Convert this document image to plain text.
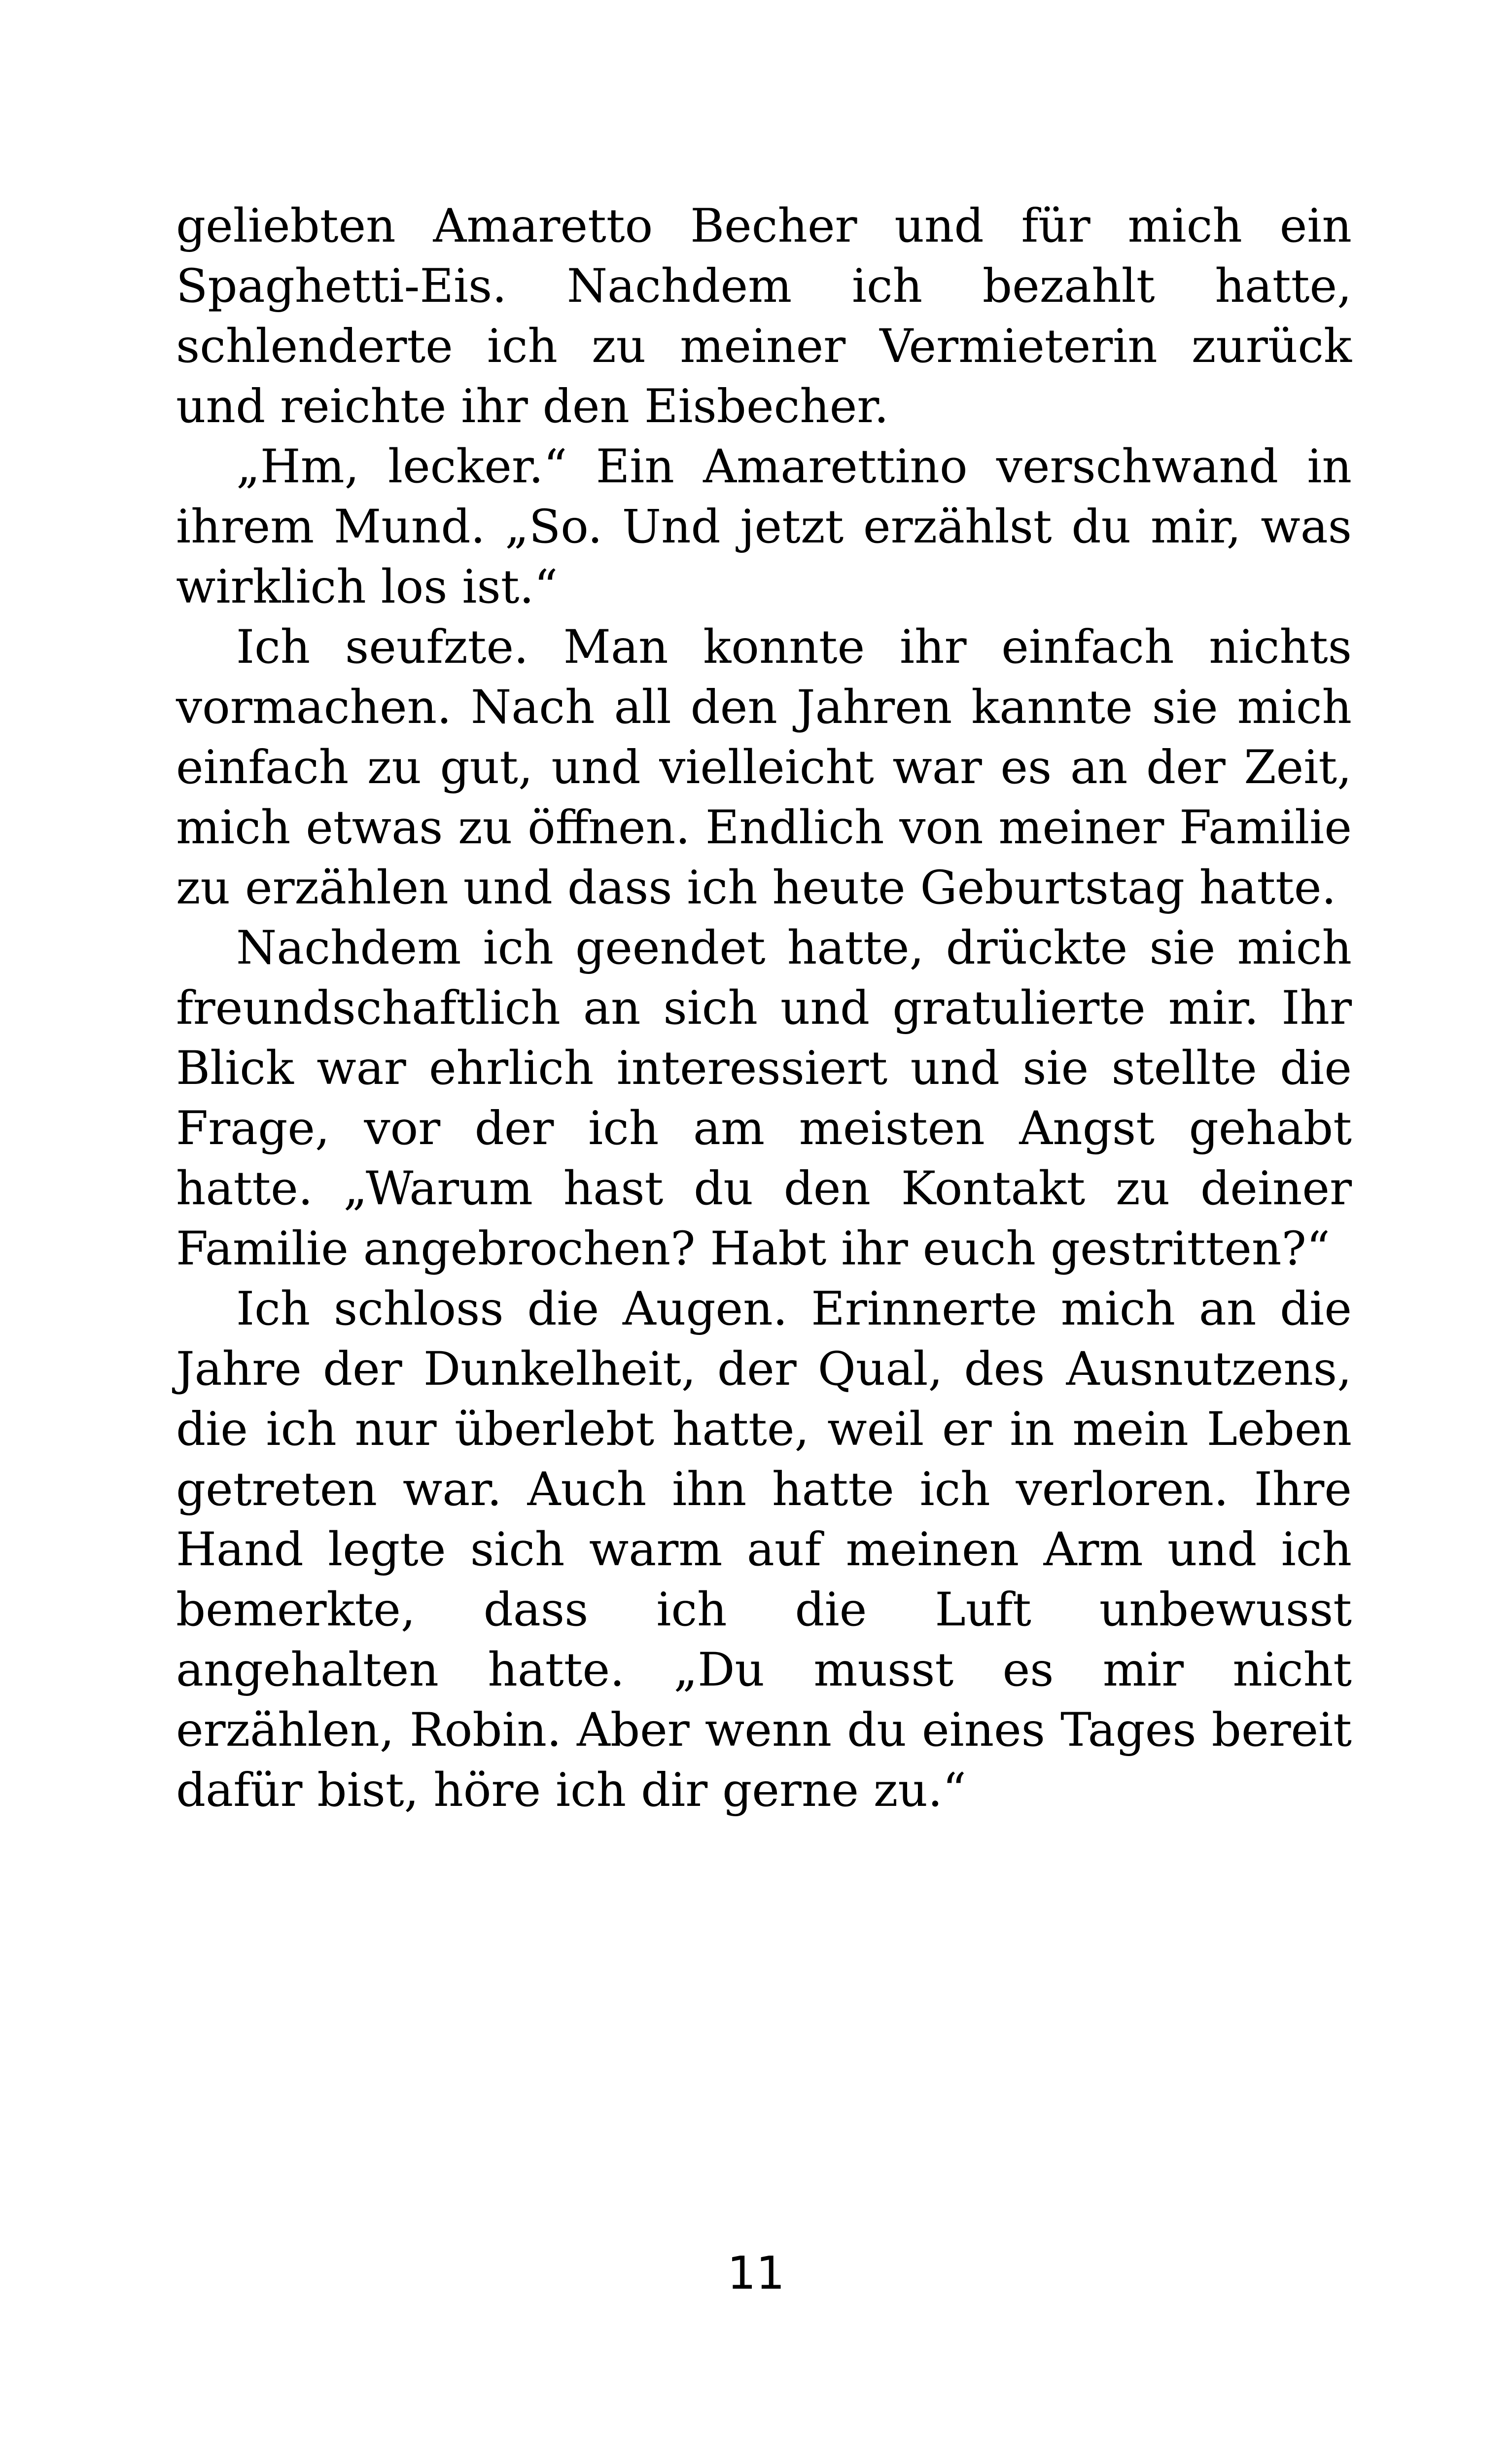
geliebten Amaretto Becher und für mich ein Spaghetti-Eis. Nachdem ich bezahlt hatte, schlenderte ich zu meiner Vermieterin zurück und reichte ihr den Eisbecher.

„Hm, lecker.“ Ein Amarettino verschwand in ihrem Mund. „So. Und jetzt erzählst du mir, was wirklich los ist.“

Ich seufzte. Man konnte ihr einfach nichts vormachen. Nach all den Jahren kannte sie mich einfach zu gut, und vielleicht war es an der Zeit, mich etwas zu öffnen. Endlich von meiner Familie zu erzählen und dass ich heute Geburtstag hatte.

Nachdem ich geendet hatte, drückte sie mich freundschaftlich an sich und gratulierte mir. Ihr Blick war ehrlich interessiert und sie stellte die Frage, vor der ich am meisten Angst gehabt hatte. „Warum hast du den Kontakt zu deiner Familie angebrochen? Habt ihr euch gestritten?“

Ich schloss die Augen. Erinnerte mich an die Jahre der Dunkelheit, der Qual, des Ausnutzens, die ich nur überlebt hatte, weil er in mein Leben getreten war. Auch ihn hatte ich verloren. Ihre Hand legte sich warm auf meinen Arm und ich bemerkte, dass ich die Luft unbewusst angehalten hatte. „Du musst es mir nicht erzählen, Robin. Aber wenn du eines Tages bereit dafür bist, höre ich dir gerne zu.“

11
